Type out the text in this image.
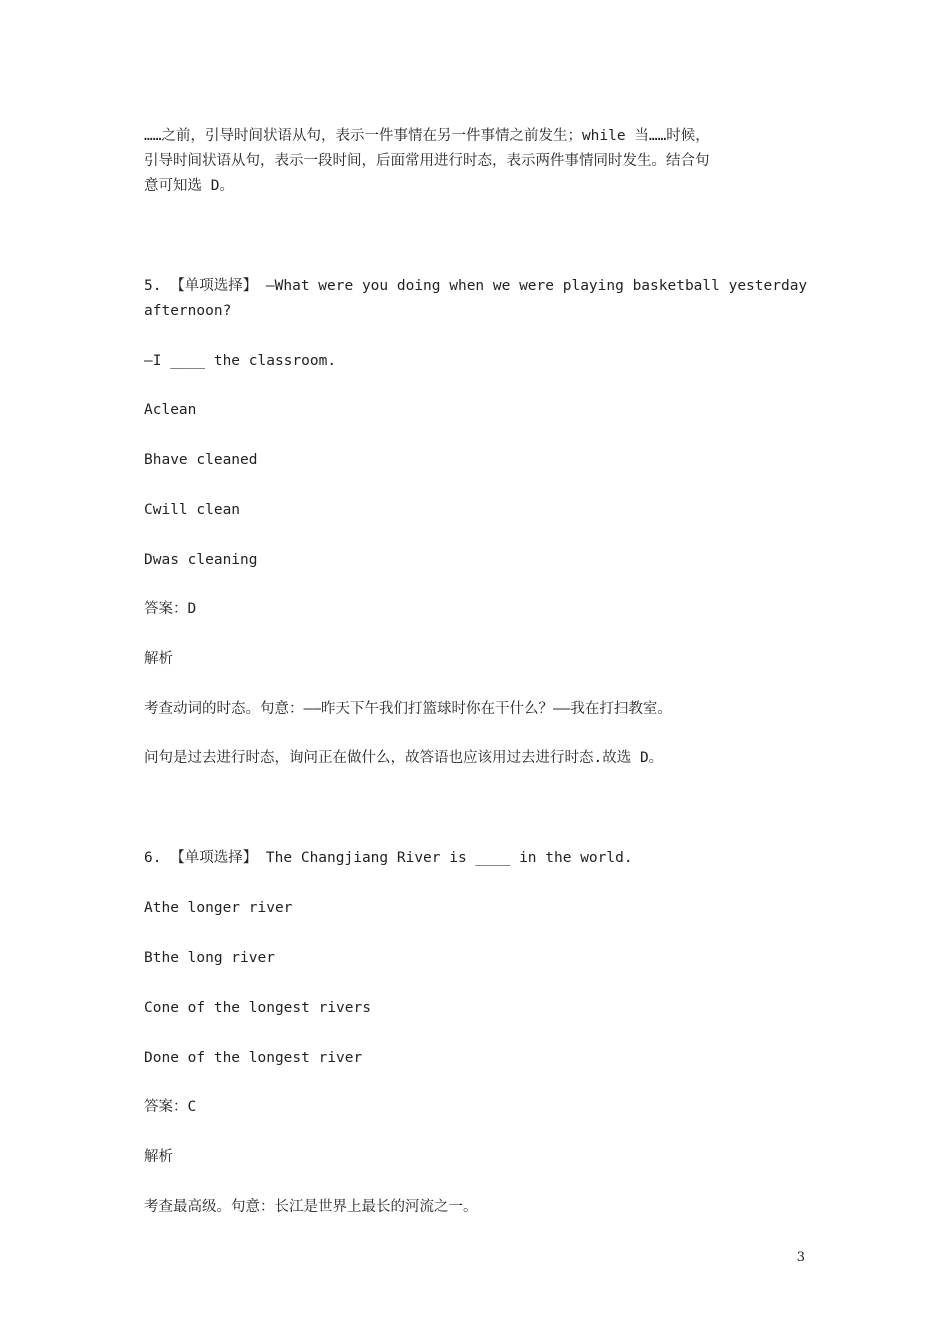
……之前，引导时间状语从句，表示一件事情在另一件事情之前发生；while 当……时候，
引导时间状语从句，表示一段时间，后面常用进行时态，表示两件事情同时发生。结合句
意可知选 D。
5. 【单项选择】 —What were you doing when we were playing basketball yesterday
afternoon?
—I ____ the classroom.
Aclean
Bhave cleaned
Cwill clean
Dwas cleaning
答案：D
解析
考查动词的时态。句意：——昨天下午我们打篮球时你在干什么？——我在打扫教室。
问句是过去进行时态，询问正在做什么，故答语也应该用过去进行时态.故选 D。
6. 【单项选择】 The Changjiang River is ____ in the world.
Athe longer river
Bthe long river
Cone of the longest rivers
Done of the longest river
答案：C
解析
考查最高级。句意：长江是世界上最长的河流之一。
3
